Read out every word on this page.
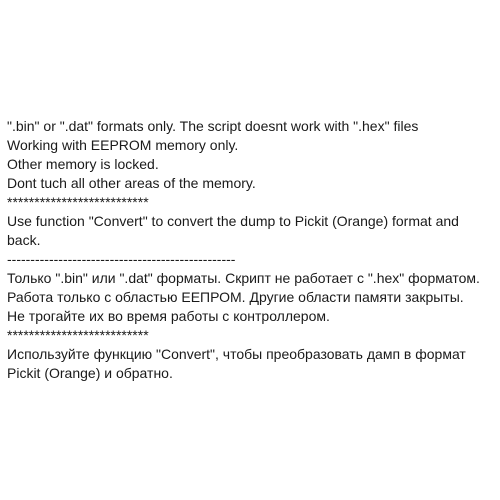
".bin" or ".dat" formats only. The script doesnt work with ".hex" files
Working with EEPROM memory only.
Other memory is locked.
Dont tuch all other areas of the memory.
**************************
Use function "Convert" to convert the dump to Pickit (Orange) format and back.
-------------------------------------------------
Только ".bin" или ".dat" форматы. Скрипт не работает с ".hex" форматом.
Работа только с областью ЕЕПРОМ. Другие области памяти закрыты.
Не трогайте их во время работы с контроллером.
**************************
Используйте функцию "Convert", чтобы преобразовать дамп в формат Pickit (Orange) и обратно.
